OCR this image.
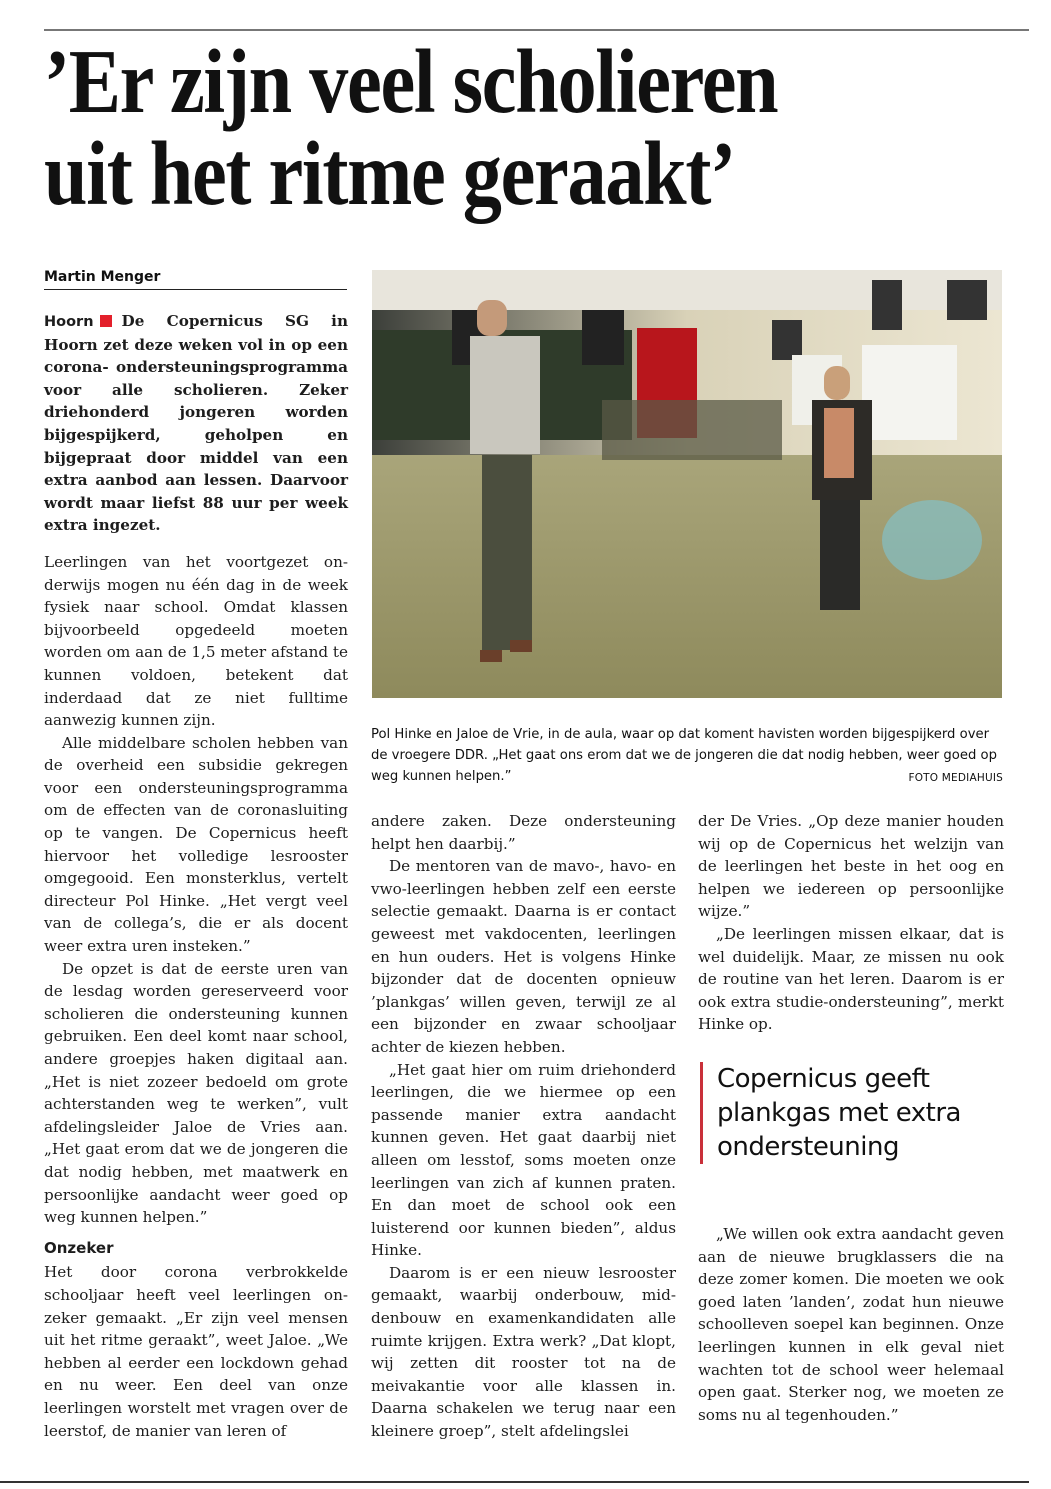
’Er zijn veel scholieren
uit het ritme geraakt’
Martin Menger

Hoorn De Copernicus SG in Hoorn zet deze weken vol in op een corona- ondersteuningsprogramma voor alle scholieren. Zeker driehonderd jongeren worden bijgespijkerd, geholpen en bijgepraat door middel van een extra aanbod aan lessen. Daarvoor wordt maar liefst 88 uur per week extra ingezet.

Leerlingen van het voortgezet onderwijs mogen nu één dag in de week fysiek naar school. Omdat klassen bijvoorbeeld opgedeeld moeten worden om aan de 1,5 meter afstand te kunnen voldoen, betekent dat inderdaad dat ze niet fulltime aanwezig kunnen zijn.

Alle middelbare scholen hebben van de overheid een subsidie gekregen voor een ondersteuningsprogramma om de effecten van de coronasluiting op te vangen. De Copernicus heeft hiervoor het volledige lesrooster omgegooid. Een monsterklus, vertelt directeur Pol Hinke. „Het vergt veel van de collega’s, die er als docent weer extra uren insteken.”

De opzet is dat de eerste uren van de lesdag worden gereserveerd voor scholieren die ondersteuning kunnen gebruiken. Een deel komt naar school, andere groepjes haken digitaal aan. „Het is niet zozeer bedoeld om grote achterstanden weg te werken”, vult afdelingsleider Jaloe de Vries aan. „Het gaat erom dat we de jongeren die dat nodig hebben, met maatwerk en persoonlijke aandacht weer goed op weg kunnen helpen.”

Onzeker

Het door corona verbrokkelde schooljaar heeft veel leerlingen onzeker gemaakt. „Er zijn veel mensen uit het ritme geraakt”, weet Jaloe. „We hebben al eerder een lockdown gehad en nu weer. Een deel van onze leerlingen worstelt met vragen over de leerstof, de manier van leren of

Pol Hinke en Jaloe de Vrie, in de aula, waar op dat koment havisten worden bijgespijkerd over de vroegere DDR. „Het gaat ons erom dat we de jongeren die dat nodig hebben, weer goed op weg kunnen helpen.”	FOTO MEDIAHUIS

andere zaken. Deze ondersteuning helpt hen daarbij.”

De mentoren van de mavo-, havo- en vwo-leerlingen hebben zelf een eerste selectie gemaakt. Daarna is er contact geweest met vakdocenten, leerlingen en hun ouders. Het is volgens Hinke bijzonder dat de docenten opnieuw ’plankgas’ willen geven, terwijl ze al een bijzonder en zwaar schooljaar achter de kiezen hebben.

„Het gaat hier om ruim driehonderd leerlingen, die we hiermee op een passende manier extra aandacht kunnen geven. Het gaat daarbij niet alleen om lesstof, soms moeten onze leerlingen van zich af kunnen praten. En dan moet de school ook een luisterend oor kunnen bieden”, aldus Hinke.

Daarom is er een nieuw lesrooster gemaakt, waarbij onderbouw, middenbouw en examenkandidaten alle ruimte krijgen. Extra werk? „Dat klopt, wij zetten dit rooster tot na de meivakantie voor alle klassen in. Daarna schakelen we terug naar een kleinere groep”, stelt afdelingslei

der De Vries. „Op deze manier houden wij op de Copernicus het welzijn van de leerlingen het beste in het oog en helpen we iedereen op persoonlijke wijze.”

„De leerlingen missen elkaar, dat is wel duidelijk. Maar, ze missen nu ook de routine van het leren. Daarom is er ook extra studie-ondersteuning”, merkt Hinke op.

Copernicus geeft
plankgas met extra
ondersteuning

„We willen ook extra aandacht geven aan de nieuwe brugklassers die na deze zomer komen. Die moeten we ook goed laten ’landen’, zodat hun nieuwe schoolleven soepel kan beginnen. Onze leerlingen kunnen in elk geval niet wachten tot de school weer helemaal open gaat. Sterker nog, we moeten ze soms nu al tegenhouden.”
